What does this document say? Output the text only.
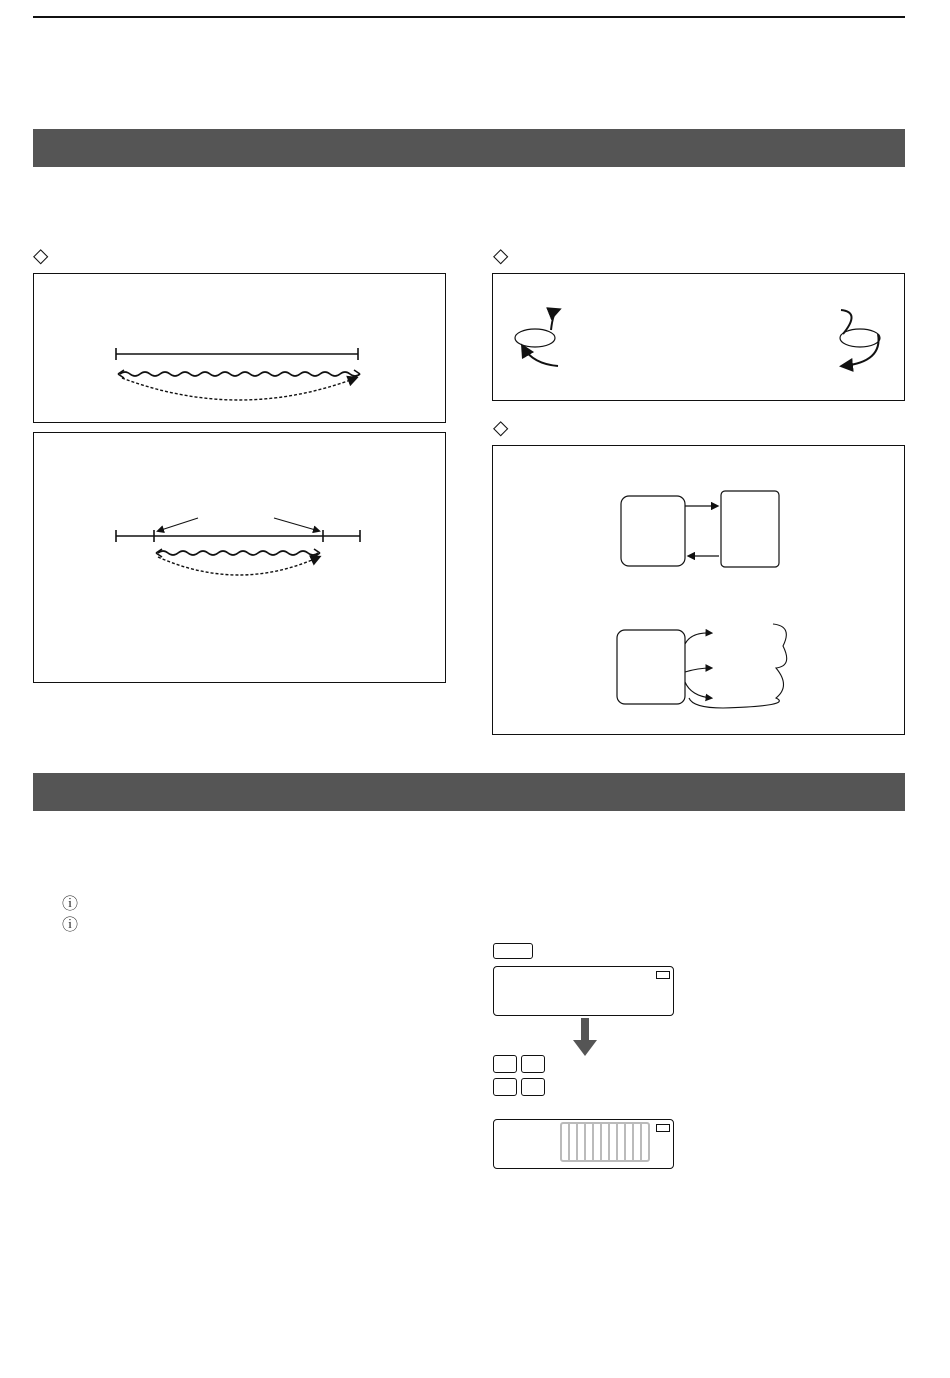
◇	◇
◇
ⓘ
ⓘ
